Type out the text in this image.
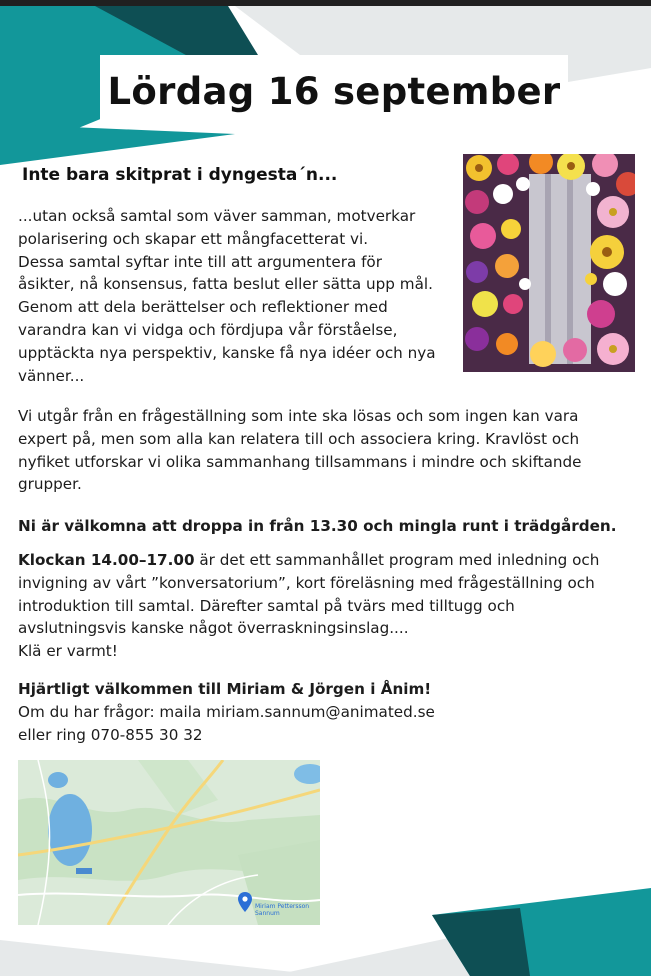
Lördag 16 september
Inte bara skitprat i dyngesta´n...

...utan också samtal som väver samman, motverkar

polarisering och skapar ett mångfacetterat vi.

Dessa samtal syftar inte till att argumentera för

åsikter, nå konsensus, fatta beslut eller sätta upp mål.

Genom att dela berättelser och reflektioner med

varandra kan vi vidga och fördjupa vår förståelse,

upptäckta nya perspektiv, kanske få nya idéer och nya

vänner...

Vi utgår från en frågeställning som inte ska lösas och som ingen kan vara

expert på, men som alla kan relatera till och associera kring. Kravlöst och

nyfiket utforskar vi olika sammanhang tillsammans i mindre och skiftande

grupper.

Ni är välkomna att droppa in från 13.30 och mingla runt i trädgården.

Klockan 14.00–17.00 är det ett sammanhållet program med inledning och

invigning av vårt ”konversatorium”, kort föreläsning med frågeställning och

introduktion till samtal. Därefter samtal på tvärs med tilltugg och

avslutningsvis kanske något överraskningsinslag....

Klä er varmt!

Hjärtligt välkommen till Miriam & Jörgen i Ånim!

Om du har frågor: maila miriam.sannum@animated.se

eller ring 070-855 30 32

Miriam Pettersson Sannum
